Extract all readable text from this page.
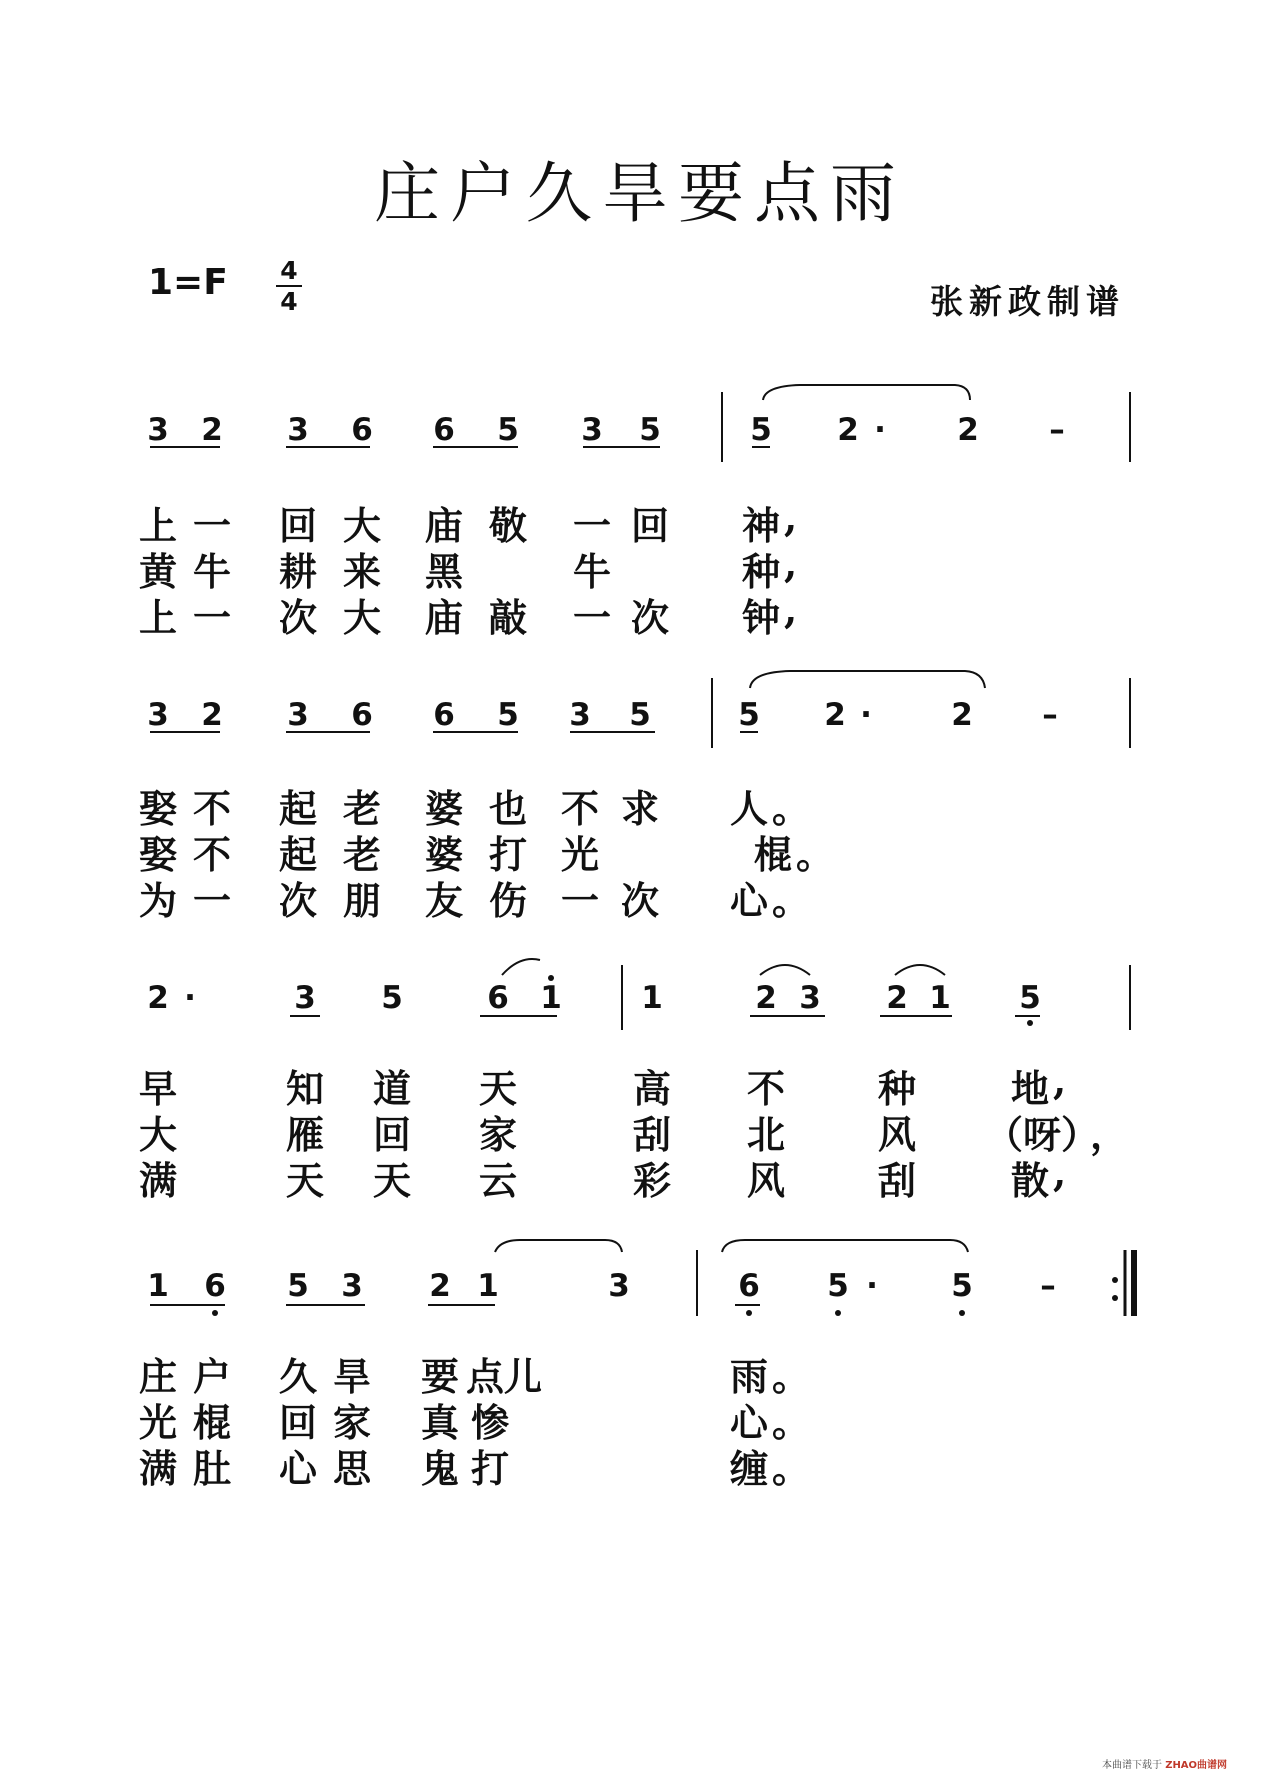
庄户久旱要点雨
1=F 4
4	张新政制谱
3 2 3 6 6 5 3 5	5 2 · 2 –
上 一 回 大 庙 敬 一 回 神 ,
黄 牛 耕 来 黑	牛	种 ,
上 一 次 大 庙 敲 一 次 钟 ,
3 2 3 6 6 5 3 5	5 2 ·	2 –
娶 不 起 老 婆 也 不 求 人 。
娶 不 起 老 婆 打 光	棍 。
为 一 次 朋 友 伤 一 次 心 。
2 ·	3 5	6 1	1	2 3 2 1 5
早	知 道 天	高 不 种 地 ,
大	雁 回 家	刮 北 风 （呀）
，
满	天 天 云	彩 风 刮 散 ,
1 6 5 3 2 1	3	6 5 · 5 –
庄 户 久 旱 要 点儿	雨 。
光 棍 回 家 真 惨	心 。
满 肚 心 思 鬼 打	缠 。
本曲谱下载于 ZHAO曲谱网
